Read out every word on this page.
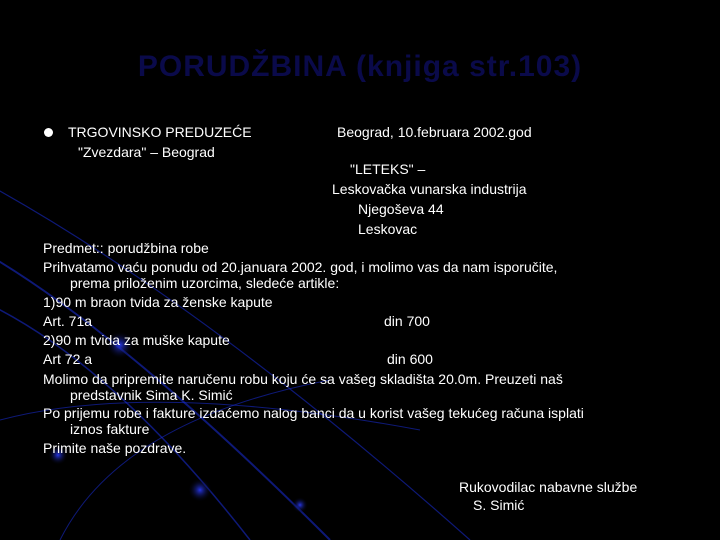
PORUDŽBINA (knjiga str.103)
TRGOVINSKO PREDUZEĆE
"Zvezdara" – Beograd
Beograd, 10.februara 2002.god
"LETEKS" –
Leskovačka vunarska industrija
Njegoševa 44
Leskovac
Predmet:: porudžbina robe
Prihvatamo vaću ponudu od 20.januara 2002. god, i molimo vas da nam isporučite,
prema priloženim uzorcima, sledeće artikle:
1)90 m braon tvida za ženske kapute
Art. 71a	din 700
2)90 m tvida za muške kapute
Art 72 a	din 600
Molimo da pripremite naručenu robu koju će sa vašeg skladišta 20.0m. Preuzeti naš
predstavnik Sima K. Simić
Po prijemu robe i fakture izdaćemo nalog banci da u korist vašeg tekućeg računa isplati
iznos fakture
Primite naše pozdrave.
Rukovodilac nabavne službe
S. Simić
